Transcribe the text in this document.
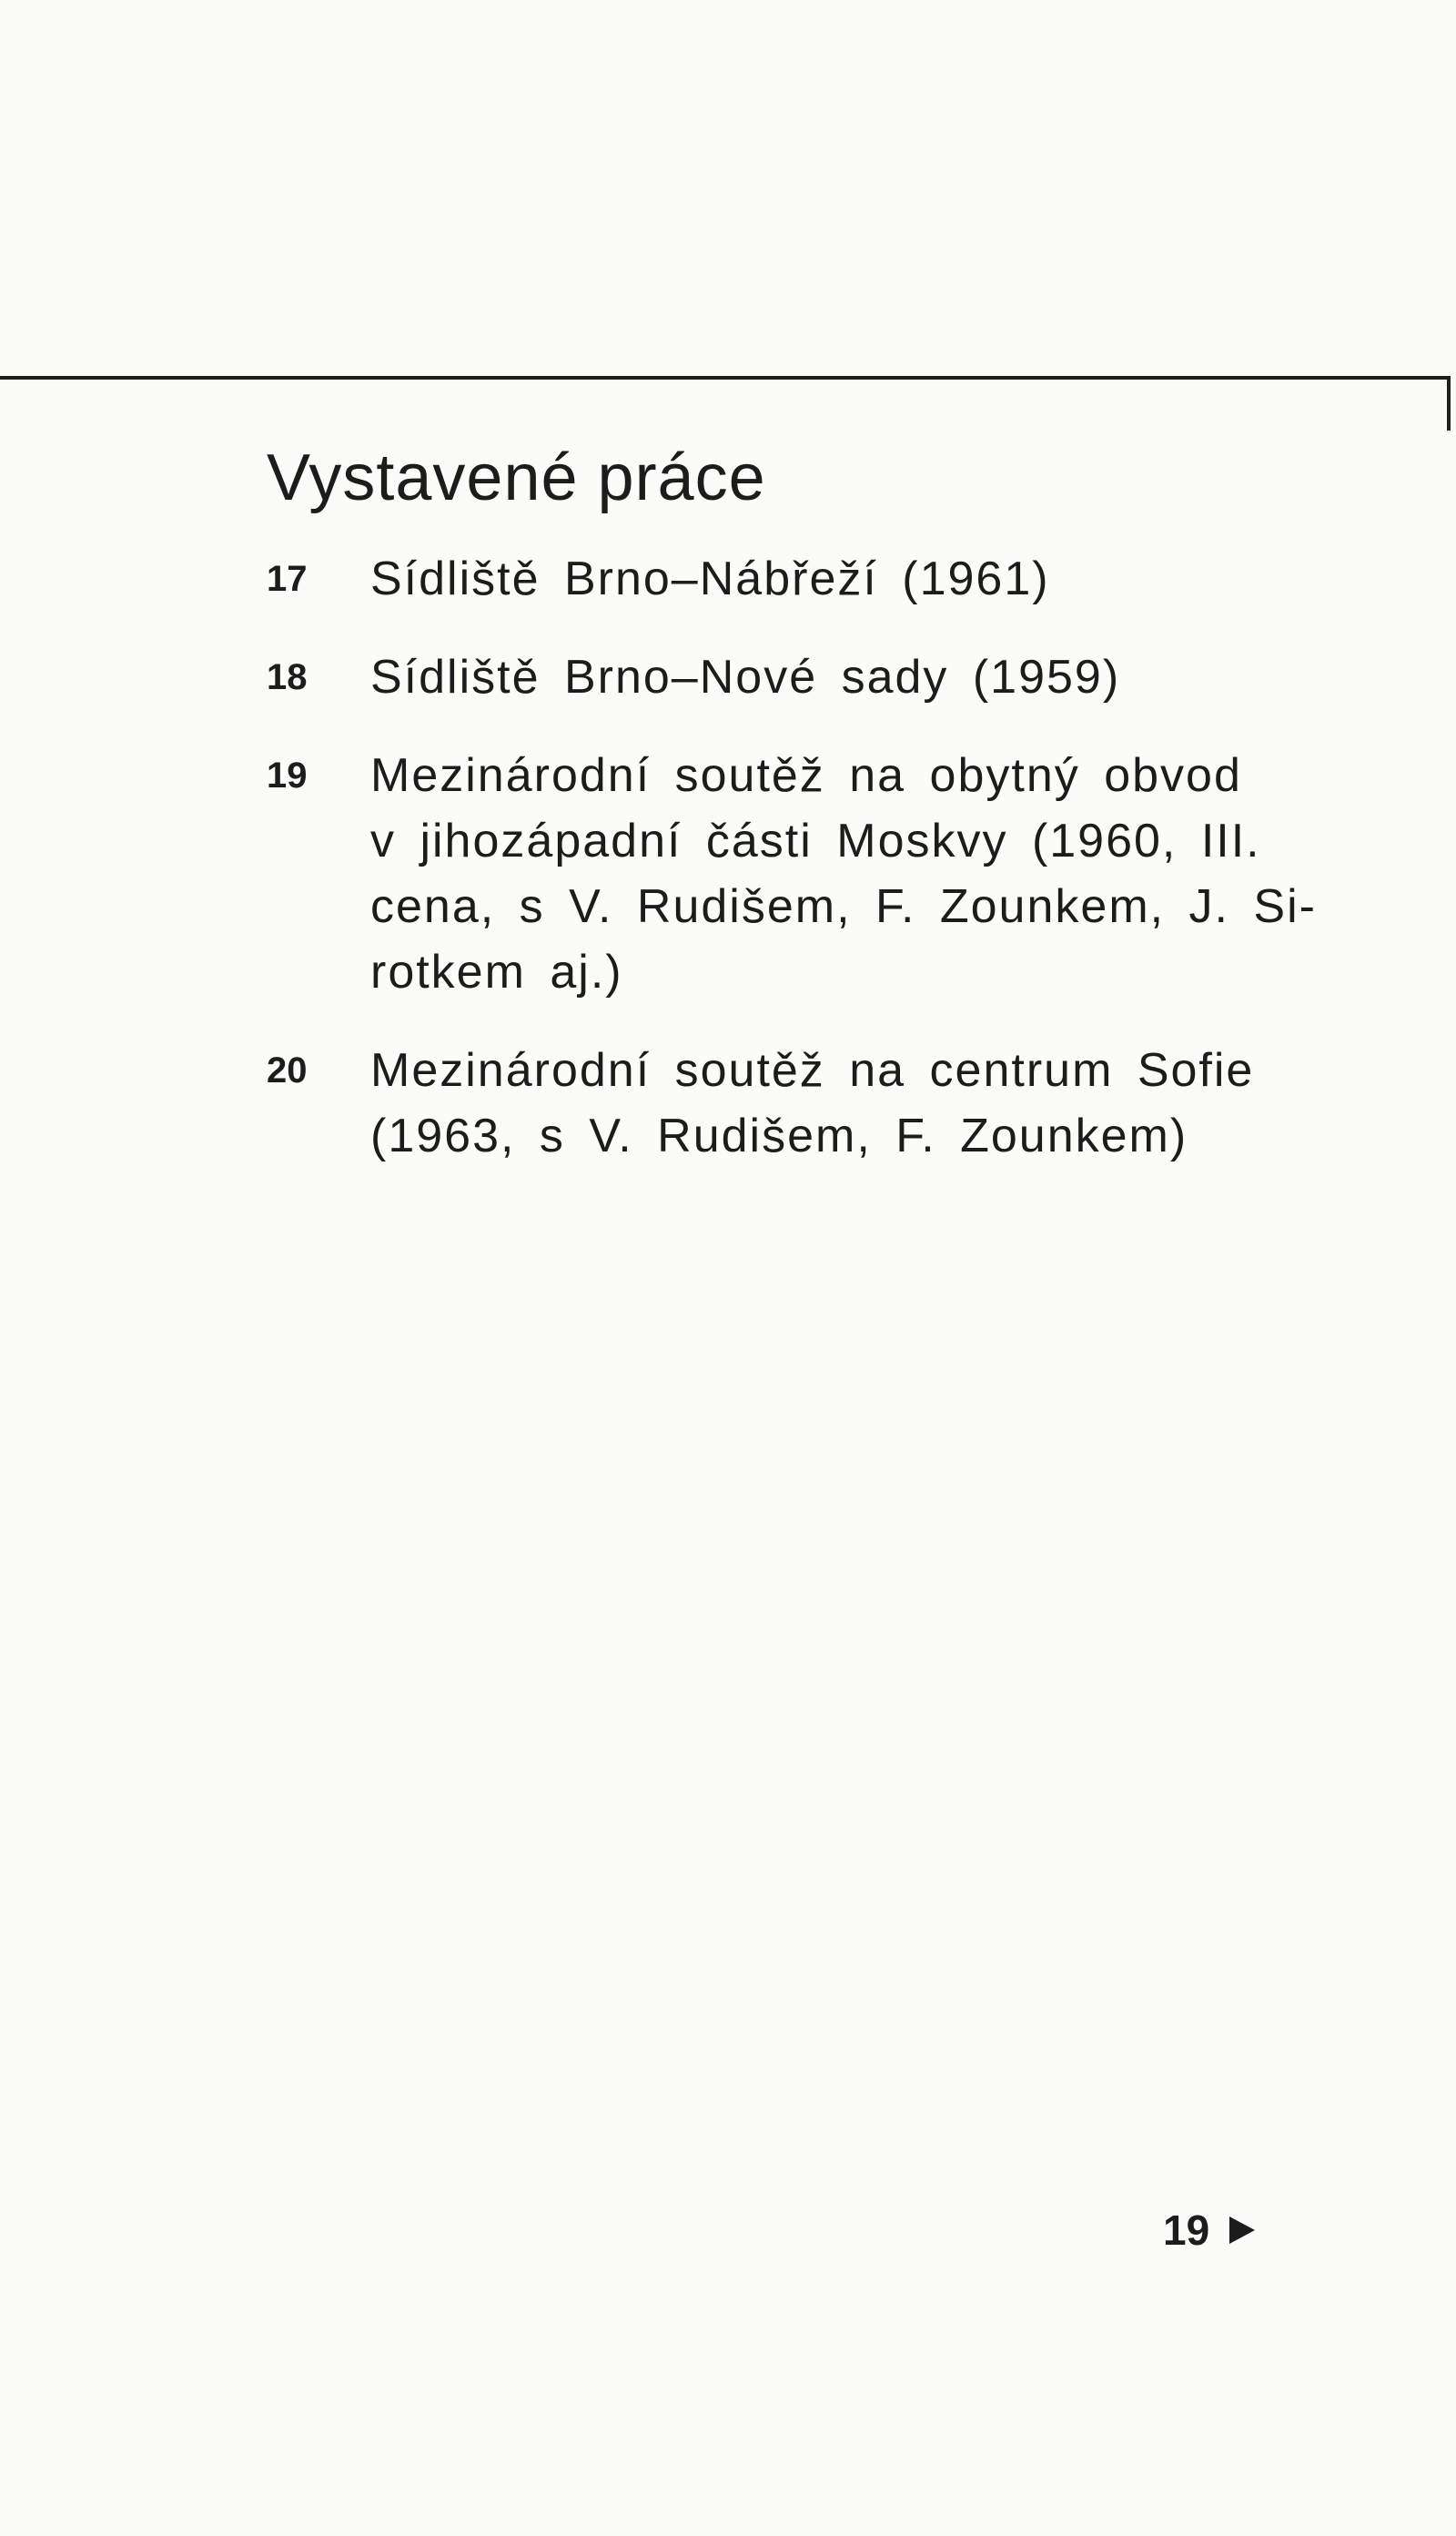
Vystavené práce
17	Sídliště Brno–Nábřeží (1961)
18	Sídliště Brno–Nové sady (1959)
19	Mezinárodní soutěž na obytný obvod
v jihozápadní části Moskvy (1960, III.
cena, s V. Rudišem, F. Zounkem, J. Si-
rotkem aj.)
20	Mezinárodní soutěž na centrum Sofie
(1963, s V. Rudišem, F. Zounkem)
19
